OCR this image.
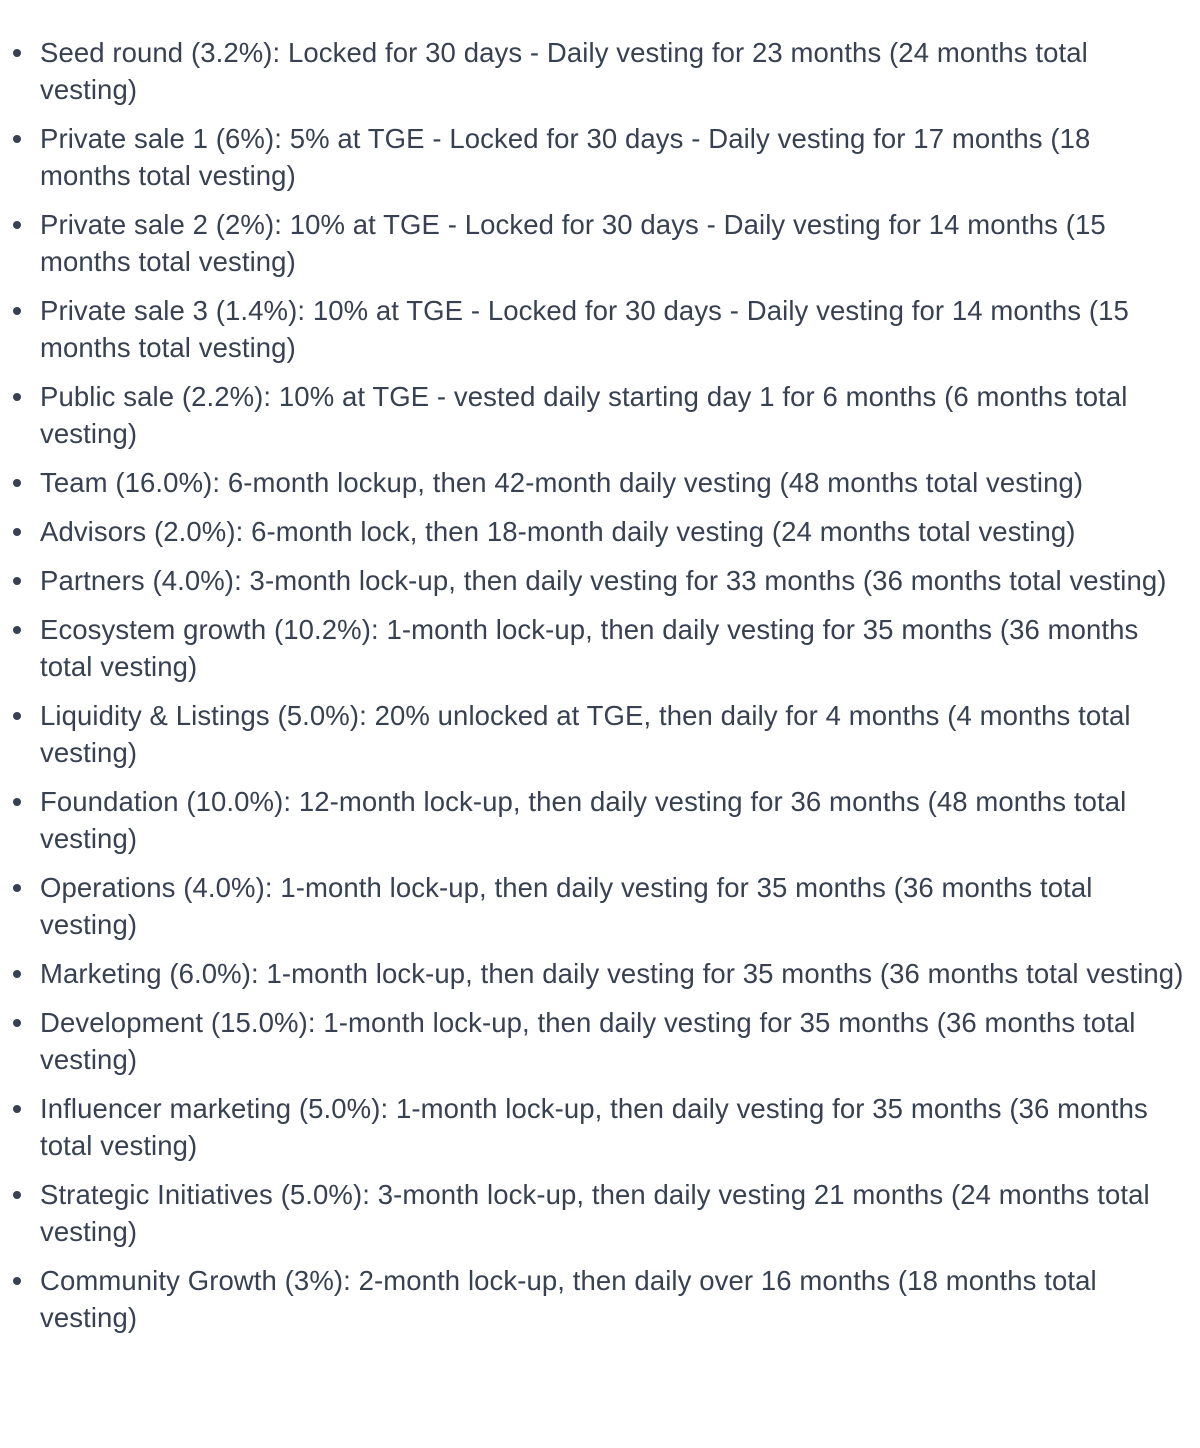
Seed round (3.2%): Locked for 30 days - Daily vesting for 23 months (24 months total vesting)
Private sale 1 (6%): 5% at TGE - Locked for 30 days - Daily vesting for 17 months (18 months total vesting)
Private sale 2 (2%): 10% at TGE - Locked for 30 days - Daily vesting for 14 months (15 months total vesting)
Private sale 3 (1.4%): 10% at TGE - Locked for 30 days - Daily vesting for 14 months (15 months total vesting)
Public sale (2.2%): 10% at TGE - vested daily starting day 1 for 6 months (6 months total vesting)
Team (16.0%): 6-month lockup, then 42-month daily vesting (48 months total vesting)
Advisors (2.0%): 6-month lock, then 18-month daily vesting (24 months total vesting)
Partners (4.0%): 3-month lock-up, then daily vesting for 33 months (36 months total vesting)
Ecosystem growth (10.2%): 1-month lock-up, then daily vesting for 35 months (36 months total vesting)
Liquidity & Listings (5.0%): 20% unlocked at TGE, then daily for 4 months (4 months total vesting)
Foundation (10.0%): 12-month lock-up, then daily vesting for 36 months (48 months total vesting)
Operations (4.0%): 1-month lock-up, then daily vesting for 35 months (36 months total vesting)
Marketing (6.0%): 1-month lock-up, then daily vesting for 35 months (36 months total vesting)
Development (15.0%): 1-month lock-up, then daily vesting for 35 months (36 months total vesting)
Influencer marketing (5.0%): 1-month lock-up, then daily vesting for 35 months (36 months total vesting)
Strategic Initiatives (5.0%): 3-month lock-up, then daily vesting 21 months (24 months total vesting)
Community Growth (3%): 2-month lock-up, then daily over 16 months (18 months total vesting)
